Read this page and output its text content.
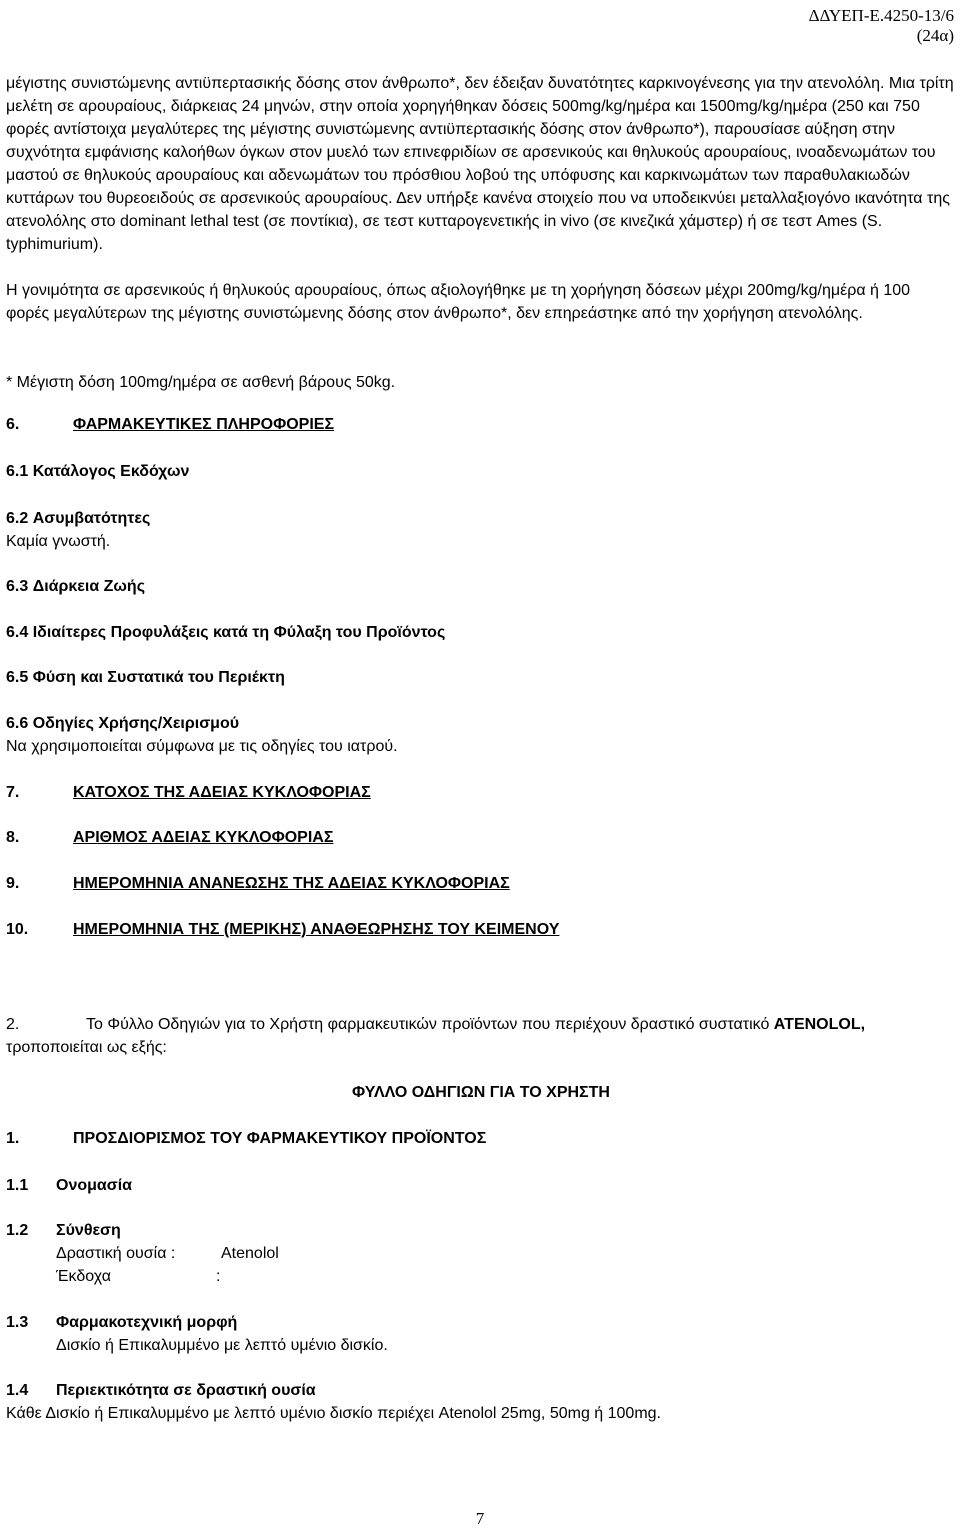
ΔΔΥΕΠ-Ε.4250-13/6
(24α)
μέγιστης συνιστώμενης αντιϋπερτασικής δόσης στον άνθρωπο*, δεν έδειξαν δυνατότητες καρκινογένεσης για την ατενολόλη. Μια τρίτη μελέτη σε αρουραίους, διάρκειας 24 μηνών, στην οποία χορηγήθηκαν δόσεις 500mg/kg/ημέρα και 1500mg/kg/ημέρα (250 και 750 φορές αντίστοιχα μεγαλύτερες της μέγιστης συνιστώμενης αντιϋπερτασικής δόσης στον άνθρωπο*), παρουσίασε αύξηση στην συχνότητα εμφάνισης καλοήθων όγκων στον μυελό των επινεφριδίων σε αρσενικούς και θηλυκούς αρουραίους, ινοαδενωμάτων του μαστού σε θηλυκούς αρουραίους και αδενωμάτων του πρόσθιου λοβού της υπόφυσης και καρκινωμάτων των παραθυλακιωδών κυττάρων του θυρεοειδούς σε αρσενικούς αρουραίους. Δεν υπήρξε κανένα στοιχείο που να υποδεικνύει μεταλλαξιογόνο ικανότητα της ατενολόλης στο dominant lethal test (σε ποντίκια), σε τεστ κυτταρογενετικής in vivo (σε κινεζικά χάμστερ) ή σε τεστ Ames (S. typhimurium).
Η γονιμότητα σε αρσενικούς ή θηλυκούς αρουραίους, όπως αξιολογήθηκε με τη χορήγηση δόσεων μέχρι 200mg/kg/ημέρα ή 100 φορές μεγαλύτερων της μέγιστης συνιστώμενης δόσης στον άνθρωπο*, δεν επηρεάστηκε από την χορήγηση ατενολόλης.
* Μέγιστη δόση 100mg/ημέρα σε ασθενή βάρους 50kg.
6.	ΦΑΡΜΑΚΕΥΤΙΚΕΣ ΠΛΗΡΟΦΟΡΙΕΣ
6.1 Κατάλογος Εκδόχων
6.2 Ασυμβατότητες
Καμία γνωστή.
6.3 Διάρκεια Ζωής
6.4 Ιδιαίτερες Προφυλάξεις κατά τη Φύλαξη του Προϊόντος
6.5 Φύση και Συστατικά του Περιέκτη
6.6 Οδηγίες Χρήσης/Χειρισμού
Να χρησιμοποιείται σύμφωνα με τις οδηγίες του ιατρού.
7.	ΚΑΤΟΧΟΣ ΤΗΣ ΑΔΕΙΑΣ ΚΥΚΛΟΦΟΡΙΑΣ
8.	ΑΡΙΘΜΟΣ ΑΔΕΙΑΣ ΚΥΚΛΟΦΟΡΙΑΣ
9.	ΗΜΕΡΟΜΗΝΙΑ ΑΝΑΝΕΩΣΗΣ ΤΗΣ ΑΔΕΙΑΣ ΚΥΚΛΟΦΟΡΙΑΣ
10.	ΗΜΕΡΟΜΗΝΙΑ ΤΗΣ (ΜΕΡΙΚΗΣ) ΑΝΑΘΕΩΡΗΣΗΣ ΤΟΥ ΚΕΙΜΕΝΟΥ
2.	Το Φύλλο Οδηγιών για το Χρήστη φαρμακευτικών προϊόντων που περιέχουν δραστικό συστατικό ATENOLOL, τροποποιείται ως εξής:
ΦΥΛΛΟ ΟΔΗΓΙΩΝ ΓΙΑ ΤΟ ΧΡΗΣΤΗ
1.	ΠΡΟΣΔΙΟΡΙΣΜΟΣ ΤΟΥ ΦΑΡΜΑΚΕΥΤΙΚΟΥ ΠΡΟΪΟΝΤΟΣ
1.1 Ονομασία
1.2 Σύνθεση
Δραστική ουσία :	Atenolol
Έκδοχα	:
1.3 Φαρμακοτεχνική μορφή
Δισκίο ή Επικαλυμμένο με λεπτό υμένιο δισκίο.
1.4 Περιεκτικότητα σε δραστική ουσία
Κάθε Δισκίο ή Επικαλυμμένο με λεπτό υμένιο δισκίο περιέχει Atenolol 25mg, 50mg ή 100mg.
7
